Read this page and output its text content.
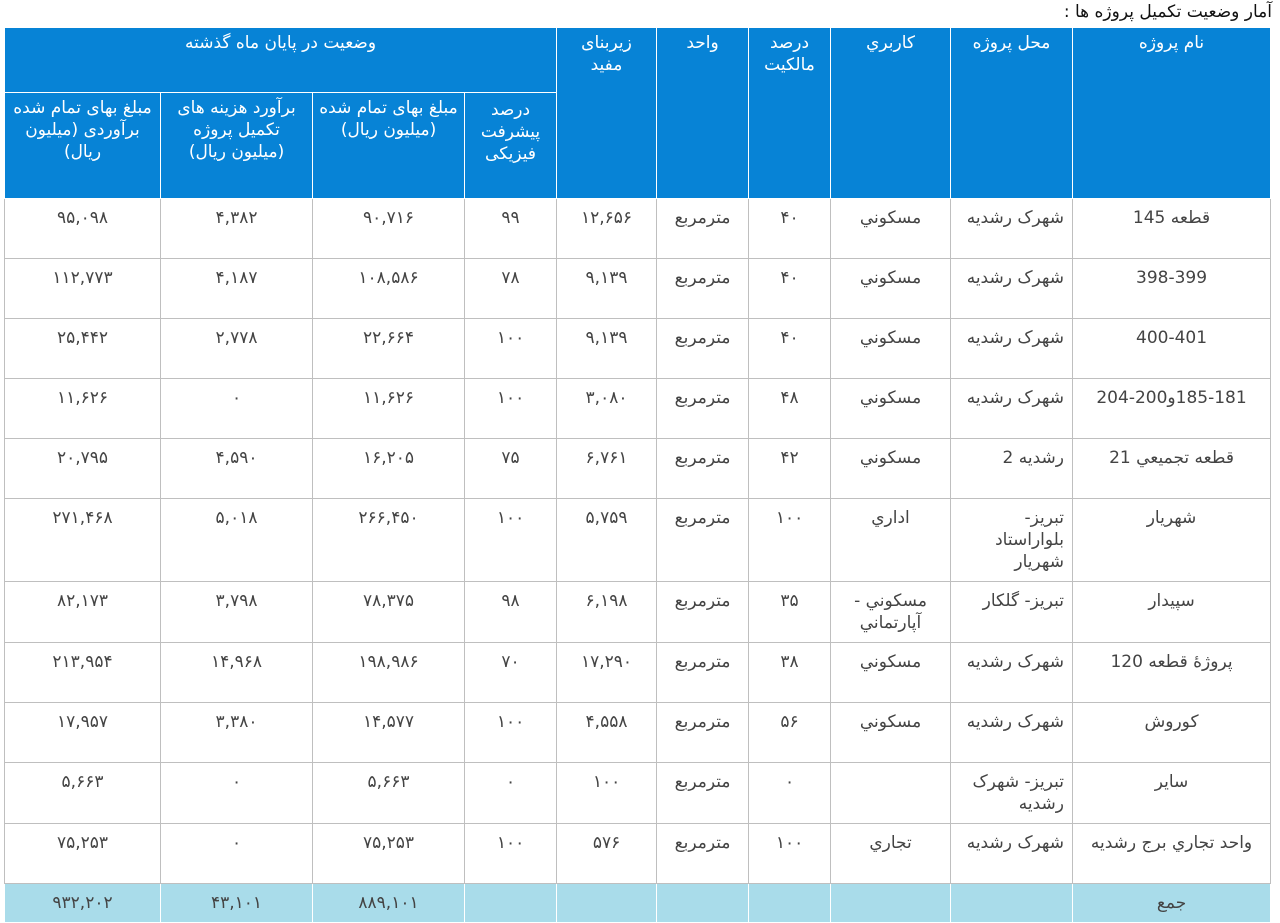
آمار وضعیت تکمیل پروژه ها :
نام پروژه	محل پروژه	كاربري	درصد مالکیت	واحد	زیربنای مفید	وضعیت در پایان ماه گذشته			
						درصد پیشرفت فیزیکی	مبلغ بهای تمام شده (میلیون ریال)	برآورد هزینه های تکمیل پروژه (میلیون ریال)	مبلغ بهای تمام شده برآوردی (میلیون ریال)
قطعه 145	شهرک رشدیه	مسكوني	۴۰	مترمربع	۱۲,۶۵۶	۹۹	۹۰,۷۱۶	۴,۳۸۲	۹۵,۰۹۸
398-399	شهرک رشدیه	مسكوني	۴۰	مترمربع	۹,۱۳۹	۷۸	۱۰۸,۵۸۶	۴,۱۸۷	۱۱۲,۷۷۳
400-401	شهرک رشدیه	مسكوني	۴۰	مترمربع	۹,۱۳۹	۱۰۰	۲۲,۶۶۴	۲,۷۷۸	۲۵,۴۴۲
185-181و200-204	شهرک رشدیه	مسكوني	۴۸	مترمربع	۳,۰۸۰	۱۰۰	۱۱,۶۲۶	۰	۱۱,۶۲۶
قطعه تجمیعي 21	رشدیه 2	مسكوني	۴۲	مترمربع	۶,۷۶۱	۷۵	۱۶,۲۰۵	۴,۵۹۰	۲۰,۷۹۵
شهريار	تبريز- بلواراستاد شهريار	اداري	۱۰۰	مترمربع	۵,۷۵۹	۱۰۰	۲۶۶,۴۵۰	۵,۰۱۸	۲۷۱,۴۶۸
سپيدار	تبريز- گلكار	مسكوني - آپارتماني	۳۵	مترمربع	۶,۱۹۸	۹۸	۷۸,۳۷۵	۳,۷۹۸	۸۲,۱۷۳
پروژۀ قطعه 120	شهرک رشدیه	مسكوني	۳۸	مترمربع	۱۷,۲۹۰	۷۰	۱۹۸,۹۸۶	۱۴,۹۶۸	۲۱۳,۹۵۴
كوروش	شهرک رشدیه	مسكوني	۵۶	مترمربع	۴,۵۵۸	۱۰۰	۱۴,۵۷۷	۳,۳۸۰	۱۷,۹۵۷
ساير	تبريز- شهرک رشدیه		۰	مترمربع	۱۰۰	۰	۵,۶۶۳	۰	۵,۶۶۳
واحد تجاري برج رشدیه	شهرک رشدیه	تجاري	۱۰۰	مترمربع	۵۷۶	۱۰۰	۷۵,۲۵۳	۰	۷۵,۲۵۳
جمع							۸۸۹,۱۰۱	۴۳,۱۰۱	۹۳۲,۲۰۲
